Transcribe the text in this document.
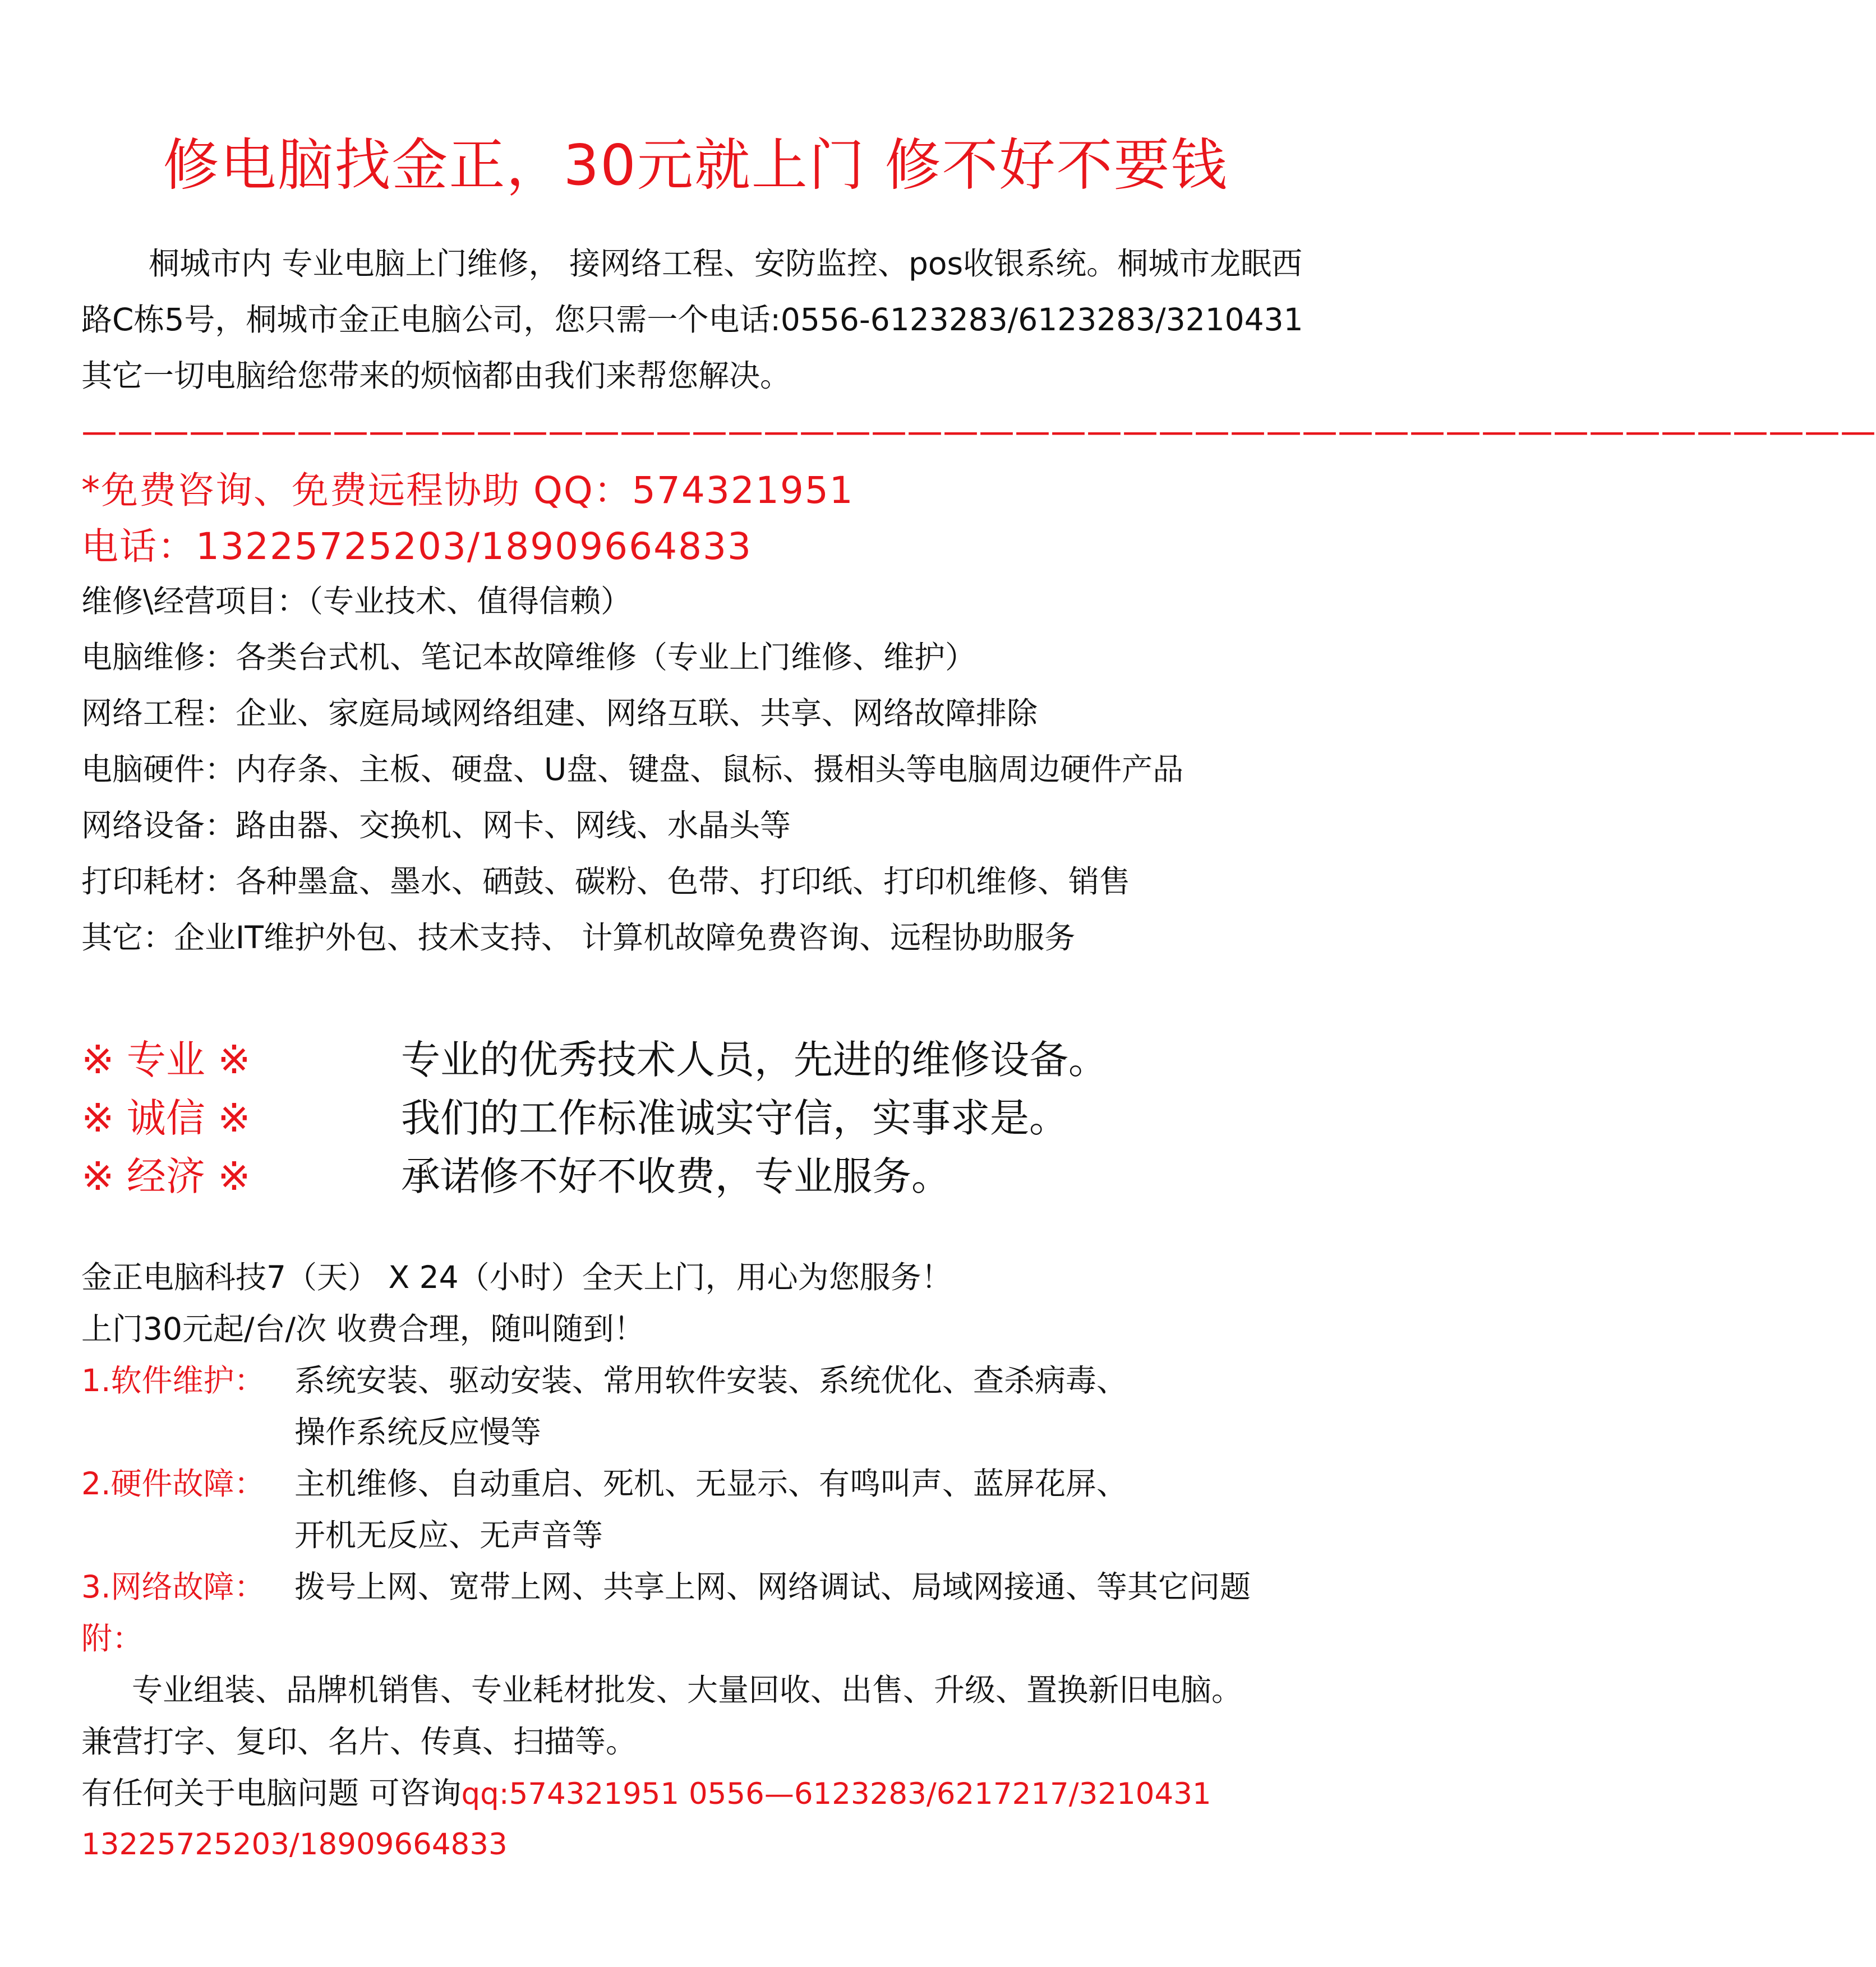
修电脑找金正，30元就上门 修不好不要钱
桐城市内 专业电脑上门维修， 接网络工程、安防监控、pos收银系统。桐城市龙眠西路C栋5号，桐城市金正电脑公司，您只需一个电话:0556-6123283/6123283/3210431 其它一切电脑给您带来的烦恼都由我们来帮您解决。
——————————————————————————————————————————————————
*免费咨询、免费远程协助 QQ：574321951
电话：13225725203/18909664833
维修\经营项目：（专业技术、值得信赖）
电脑维修：各类台式机、笔记本故障维修（专业上门维修、维护）
网络工程：企业、家庭局域网络组建、网络互联、共享、网络故障排除
电脑硬件：内存条、主板、硬盘、U盘、键盘、鼠标、摄相头等电脑周边硬件产品
网络设备：路由器、交换机、网卡、网线、水晶头等
打印耗材：各种墨盒、墨水、硒鼓、碳粉、色带、打印纸、打印机维修、销售
其它：企业IT维护外包、技术支持、 计算机故障免费咨询、远程协助服务
※ 专业 ※	专业的优秀技术人员，先进的维修设备。
※ 诚信 ※	我们的工作标准诚实守信，实事求是。
※ 经济 ※	承诺修不好不收费，专业服务。
金正电脑科技7（天） X 24（小时）全天上门，用心为您服务！
上门30元起/台/次 收费合理，随叫随到！
1.软件维护： 系统安装、驱动安装、常用软件安装、系统优化、查杀病毒、
操作系统反应慢等
2.硬件故障： 主机维修、自动重启、死机、无显示、有鸣叫声、蓝屏花屏、
开机无反应、无声音等
3.网络故障： 拨号上网、宽带上网、共享上网、网络调试、局域网接通、等其它问题
附：
专业组装、品牌机销售、专业耗材批发、大量回收、出售、升级、置换新旧电脑。
兼营打字、复印、名片、传真、扫描等。
有任何关于电脑问题 可咨询qq:574321951 0556—6123283/6217217/3210431
13225725203/18909664833
